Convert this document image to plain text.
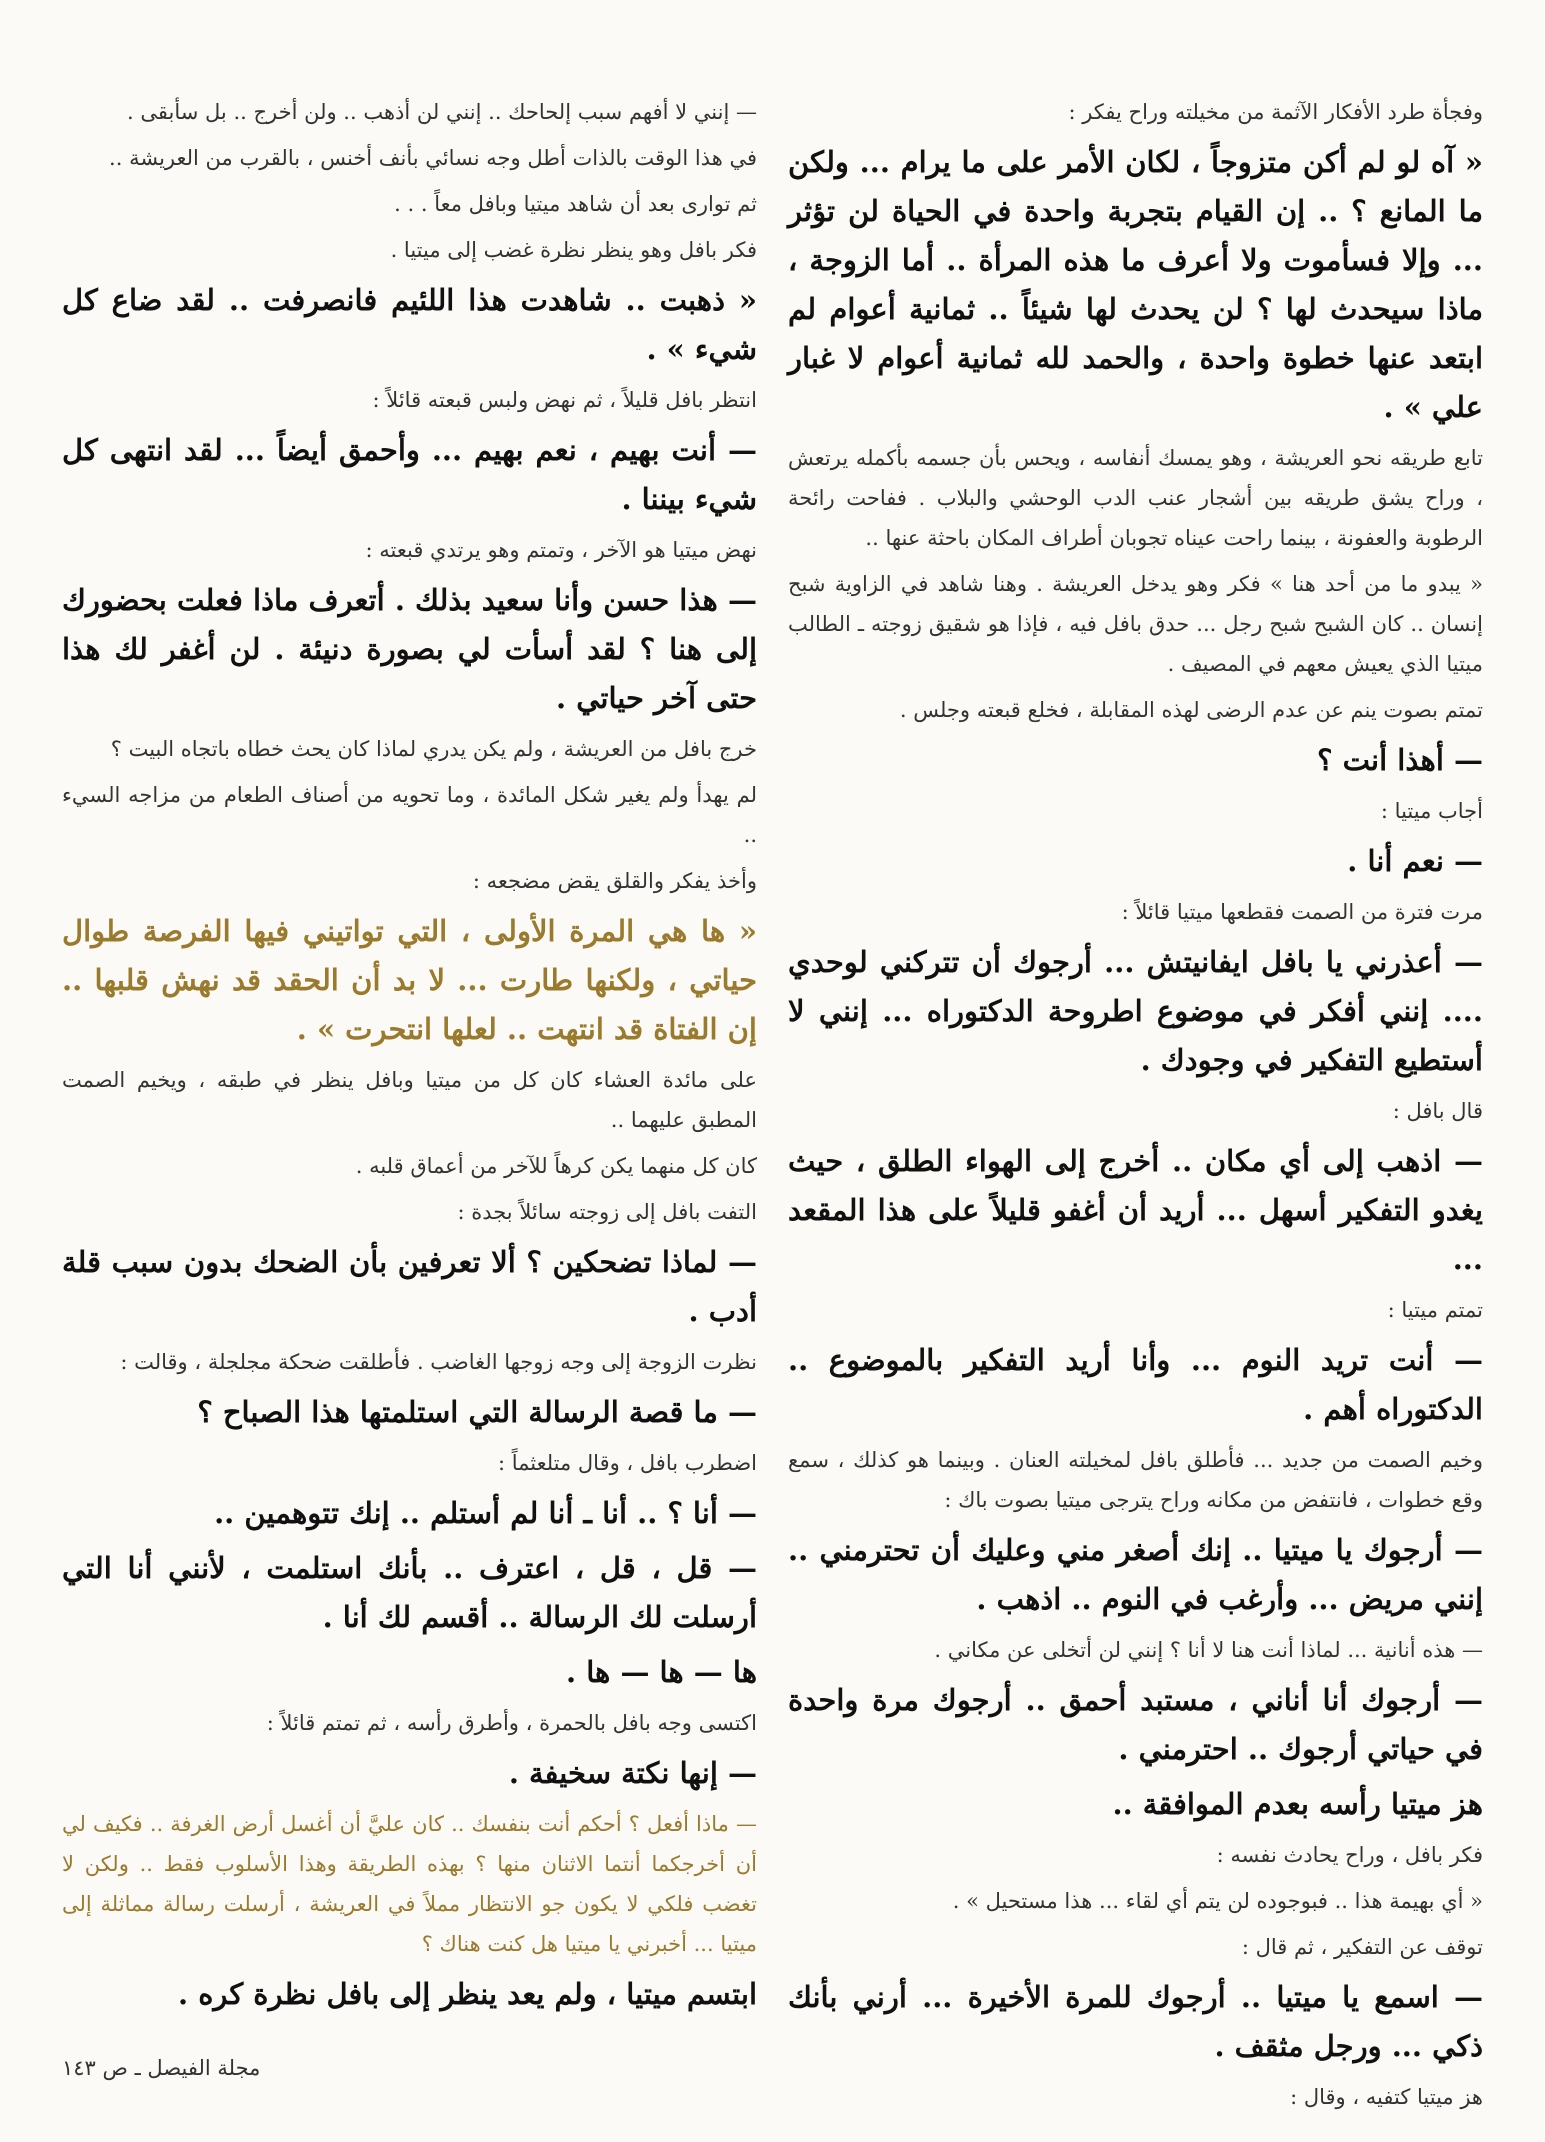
وفجأة طرد الأفكار الآثمة من مخيلته وراح يفكر :

« آه لو لم أكن متزوجاً ، لكان الأمر على ما يرام ... ولكن ما المانع ؟ .. إن القيام بتجربة واحدة في الحياة لن تؤثر ... وإلا فسأموت ولا أعرف ما هذه المرأة .. أما الزوجة ، ماذا سيحدث لها ؟ لن يحدث لها شيئاً .. ثمانية أعوام لم ابتعد عنها خطوة واحدة ، والحمد لله ثمانية أعوام لا غبار علي » .

تابع طريقه نحو العريشة ، وهو يمسك أنفاسه ، ويحس بأن جسمه بأكمله يرتعش ، وراح يشق طريقه بين أشجار عنب الدب الوحشي والبلاب . ففاحت رائحة الرطوبة والعفونة ، بينما راحت عيناه تجوبان أطراف المكان باحثة عنها ..

« يبدو ما من أحد هنا » فكر وهو يدخل العريشة . وهنا شاهد في الزاوية شبح إنسان .. كان الشبح شبح رجل ... حدق بافل فيه ، فإذا هو شقيق زوجته ـ الطالب ميتيا الذي يعيش معهم في المصيف .

تمتم بصوت ينم عن عدم الرضى لهذه المقابلة ، فخلع قبعته وجلس .

— أهذا أنت ؟

أجاب ميتيا :

— نعم أنا .

مرت فترة من الصمت فقطعها ميتيا قائلاً :

— أعذرني يا بافل ايفانيتش ... أرجوك أن تتركني لوحدي .... إنني أفكر في موضوع اطروحة الدكتوراه ... إنني لا أستطيع التفكير في وجودك .

قال بافل :

— اذهب إلى أي مكان .. أخرج إلى الهواء الطلق ، حيث يغدو التفكير أسهل ... أريد أن أغفو قليلاً على هذا المقعد ...

تمتم ميتيا :

— أنت تريد النوم ... وأنا أريد التفكير بالموضوع .. الدكتوراه أهم .

وخيم الصمت من جديد ... فأطلق بافل لمخيلته العنان . وبينما هو كذلك ، سمع وقع خطوات ، فانتفض من مكانه وراح يترجى ميتيا بصوت باك :

— أرجوك يا ميتيا .. إنك أصغر مني وعليك أن تحترمني .. إنني مريض ... وأرغب في النوم .. اذهب .

— هذه أنانية ... لماذا أنت هنا لا أنا ؟ إنني لن أتخلى عن مكاني .

— أرجوك أنا أناني ، مستبد أحمق .. أرجوك مرة واحدة في حياتي أرجوك .. احترمني .

هز ميتيا رأسه بعدم الموافقة ..

فكر بافل ، وراح يحادث نفسه :

« أي بهيمة هذا .. فبوجوده لن يتم أي لقاء ... هذا مستحيل » .

توقف عن التفكير ، ثم قال :

— اسمع يا ميتيا .. أرجوك للمرة الأخيرة ... أرني بأنك ذكي ... ورجل مثقف .

هز ميتيا كتفيه ، وقال :

— إنني لا أفهم سبب إلحاحك .. إنني لن أذهب .. ولن أخرج .. بل سأبقى .

في هذا الوقت بالذات أطل وجه نسائي بأنف أخنس ، بالقرب من العريشة ..

ثم توارى بعد أن شاهد ميتيا وبافل معاً . . .

فكر بافل وهو ينظر نظرة غضب إلى ميتيا .

« ذهبت .. شاهدت هذا اللئيم فانصرفت .. لقد ضاع كل شيء » .

انتظر بافل قليلاً ، ثم نهض ولبس قبعته قائلاً :

— أنت بهيم ، نعم بهيم ... وأحمق أيضاً ... لقد انتهى كل شيء بيننا .

نهض ميتيا هو الآخر ، وتمتم وهو يرتدي قبعته :

— هذا حسن وأنا سعيد بذلك . أتعرف ماذا فعلت بحضورك إلى هنا ؟ لقد أسأت لي بصورة دنيئة . لن أغفر لك هذا حتى آخر حياتي .

خرج بافل من العريشة ، ولم يكن يدري لماذا كان يحث خطاه باتجاه البيت ؟

لم يهدأ ولم يغير شكل المائدة ، وما تحويه من أصناف الطعام من مزاجه السيء ..

وأخذ يفكر والقلق يقض مضجعه :

« ها هي المرة الأولى ، التي تواتيني فيها الفرصة طوال حياتي ، ولكنها طارت ... لا بد أن الحقد قد نهش قلبها .. إن الفتاة قد انتهت .. لعلها انتحرت » .

على مائدة العشاء كان كل من ميتيا وبافل ينظر في طبقه ، ويخيم الصمت المطبق عليهما ..

كان كل منهما يكن كرهاً للآخر من أعماق قلبه .

التفت بافل إلى زوجته سائلاً بجدة :

— لماذا تضحكين ؟ ألا تعرفين بأن الضحك بدون سبب قلة أدب .

نظرت الزوجة إلى وجه زوجها الغاضب . فأطلقت ضحكة مجلجلة ، وقالت :

— ما قصة الرسالة التي استلمتها هذا الصباح ؟

اضطرب بافل ، وقال متلعثماً :

— أنا ؟ .. أنا ـ أنا لم أستلم .. إنك تتوهمين ..

— قل ، قل ، اعترف .. بأنك استلمت ، لأنني أنا التي أرسلت لك الرسالة .. أقسم لك أنا .

ها — ها — ها .

اكتسى وجه بافل بالحمرة ، وأطرق رأسه ، ثم تمتم قائلاً :

— إنها نكتة سخيفة .

— ماذا أفعل ؟ أحكم أنت بنفسك .. كان عليَّ أن أغسل أرض الغرفة .. فكيف لي أن أخرجكما أنتما الاثنان منها ؟ بهذه الطريقة وهذا الأسلوب فقط .. ولكن لا تغضب فلكي لا يكون جو الانتظار مملاً في العريشة ، أرسلت رسالة مماثلة إلى ميتيا ... أخبرني يا ميتيا هل كنت هناك ؟

ابتسم ميتيا ، ولم يعد ينظر إلى بافل نظرة كره .

مجلة الفيصل ـ ص ١٤٣
